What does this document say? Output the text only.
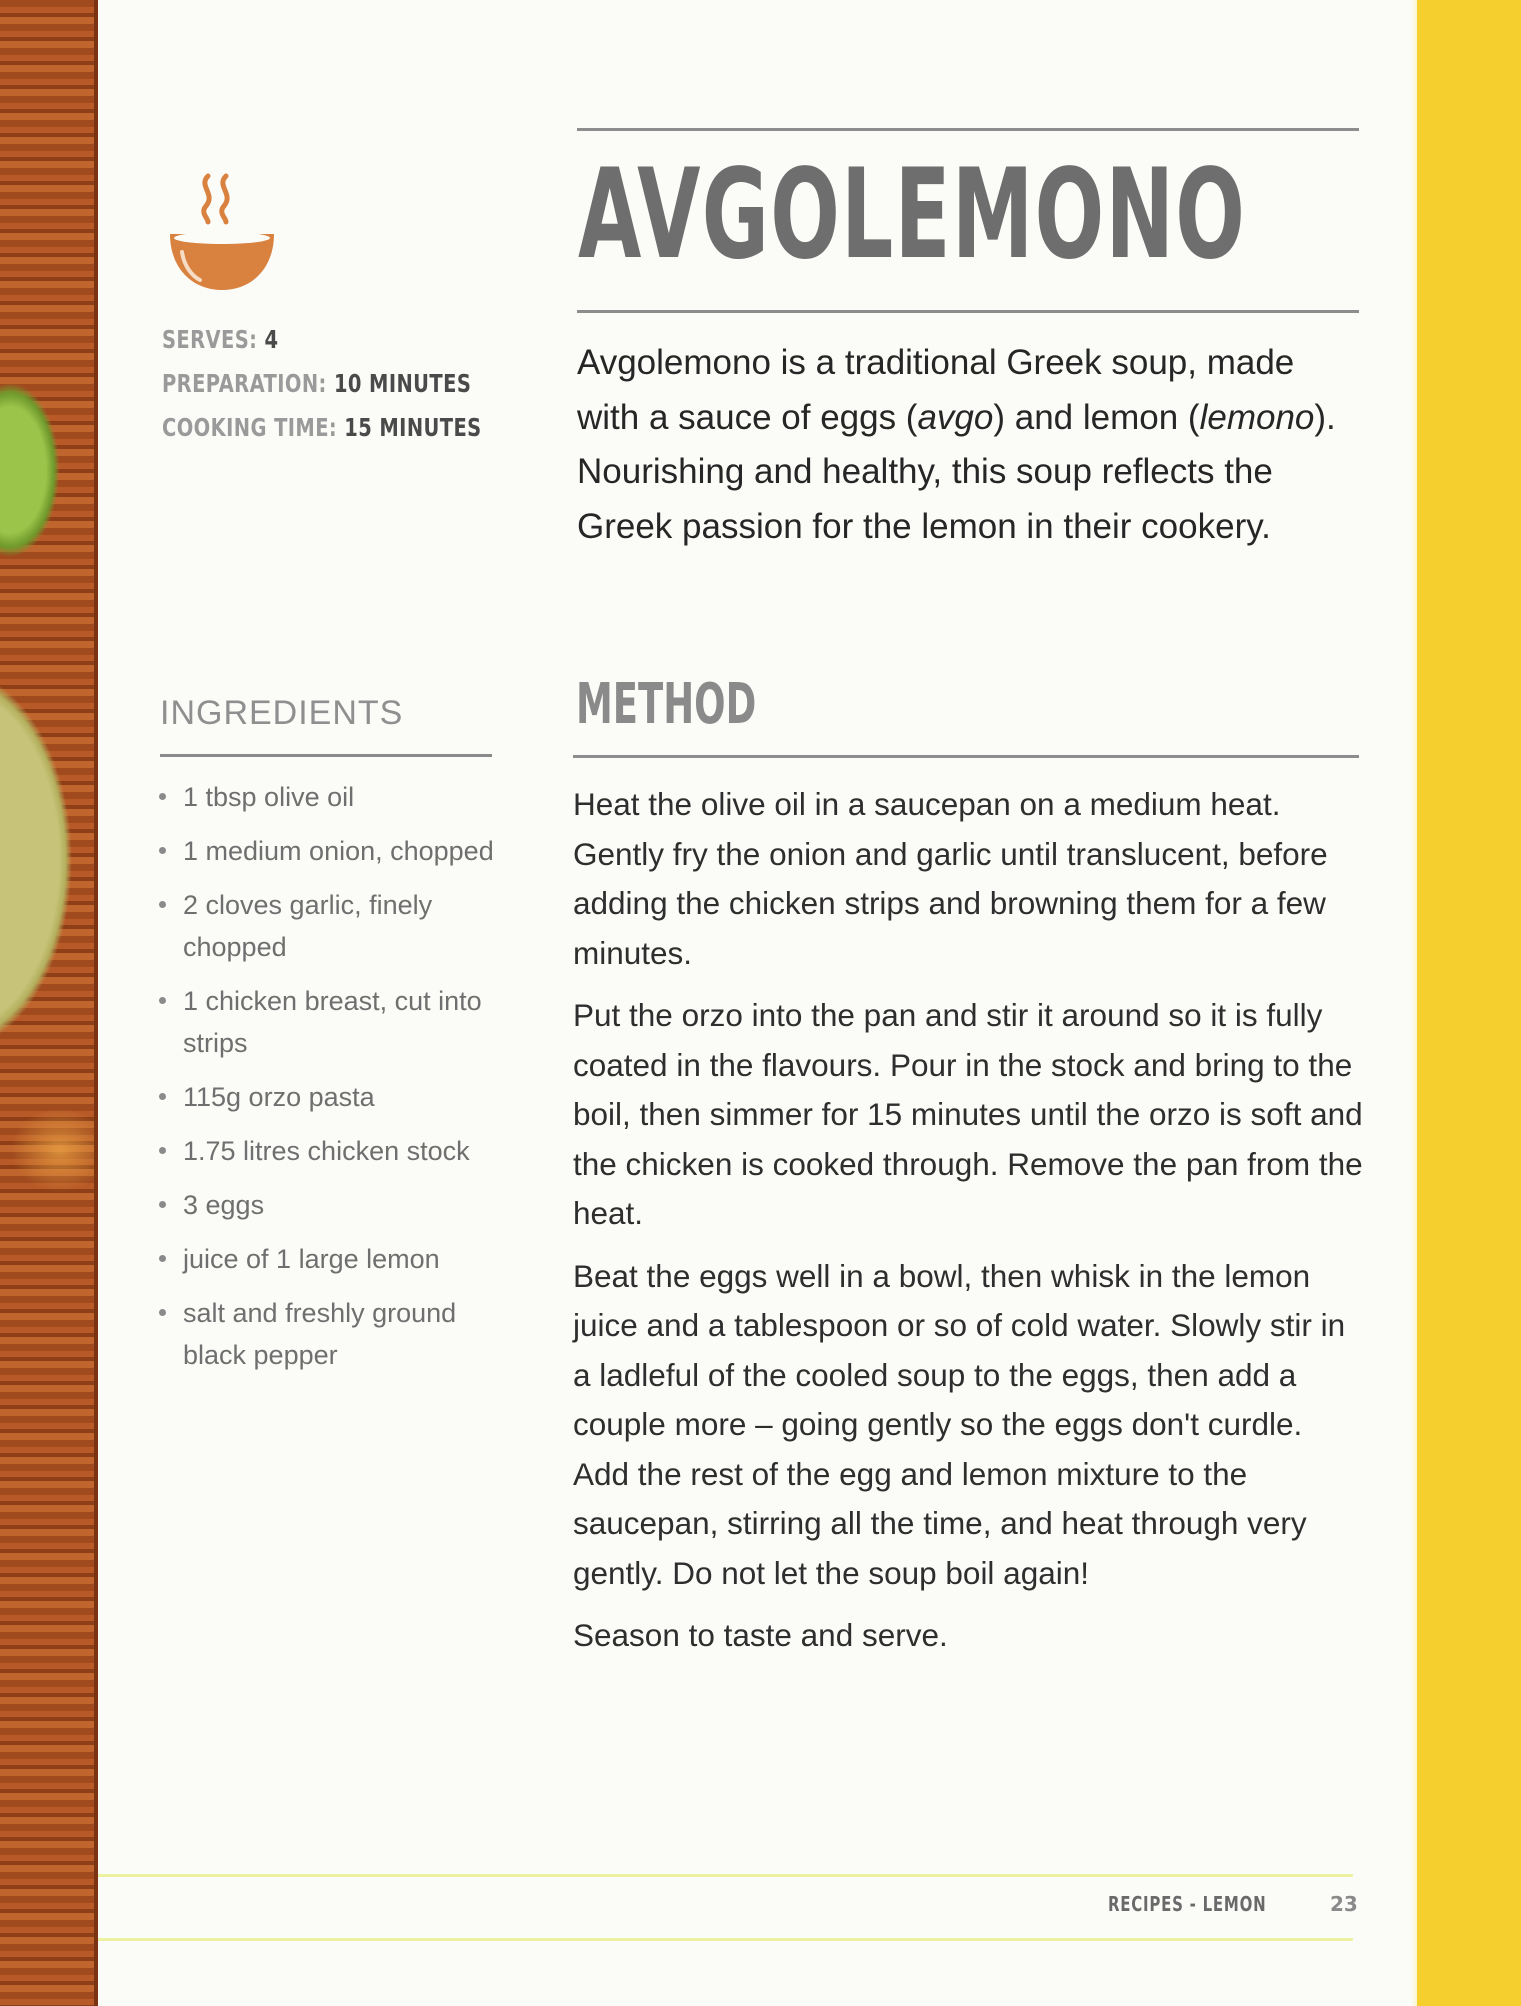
SERVES: 4
PREPARATION: 10 MINUTES
COOKING TIME: 15 MINUTES
INGREDIENTS
1 tbsp olive oil
1 medium onion, chopped
2 cloves garlic, finely chopped
1 chicken breast, cut into strips
115g orzo pasta
1.75 litres chicken stock
3 eggs
juice of 1 large lemon
salt and freshly ground black pepper
AVGOLEMONO

Avgolemono is a traditional Greek soup, made with a sauce of eggs (avgo) and lemon (lemono). Nourishing and healthy, this soup reflects the Greek passion for the lemon in their cookery.

METHOD

Heat the olive oil in a saucepan on a medium heat. Gently fry the onion and garlic until translucent, before adding the chicken strips and browning them for a few minutes.

Put the orzo into the pan and stir it around so it is fully coated in the flavours. Pour in the stock and bring to the boil, then simmer for 15 minutes until the orzo is soft and the chicken is cooked through. Remove the pan from the heat.

Beat the eggs well in a bowl, then whisk in the lemon juice and a tablespoon or so of cold water. Slowly stir in a ladleful of the cooled soup to the eggs, then add a couple more – going gently so the eggs don't curdle. Add the rest of the egg and lemon mixture to the saucepan, stirring all the time, and heat through very gently. Do not let the soup boil again!

Season to taste and serve.

RECIPES - LEMON	23
